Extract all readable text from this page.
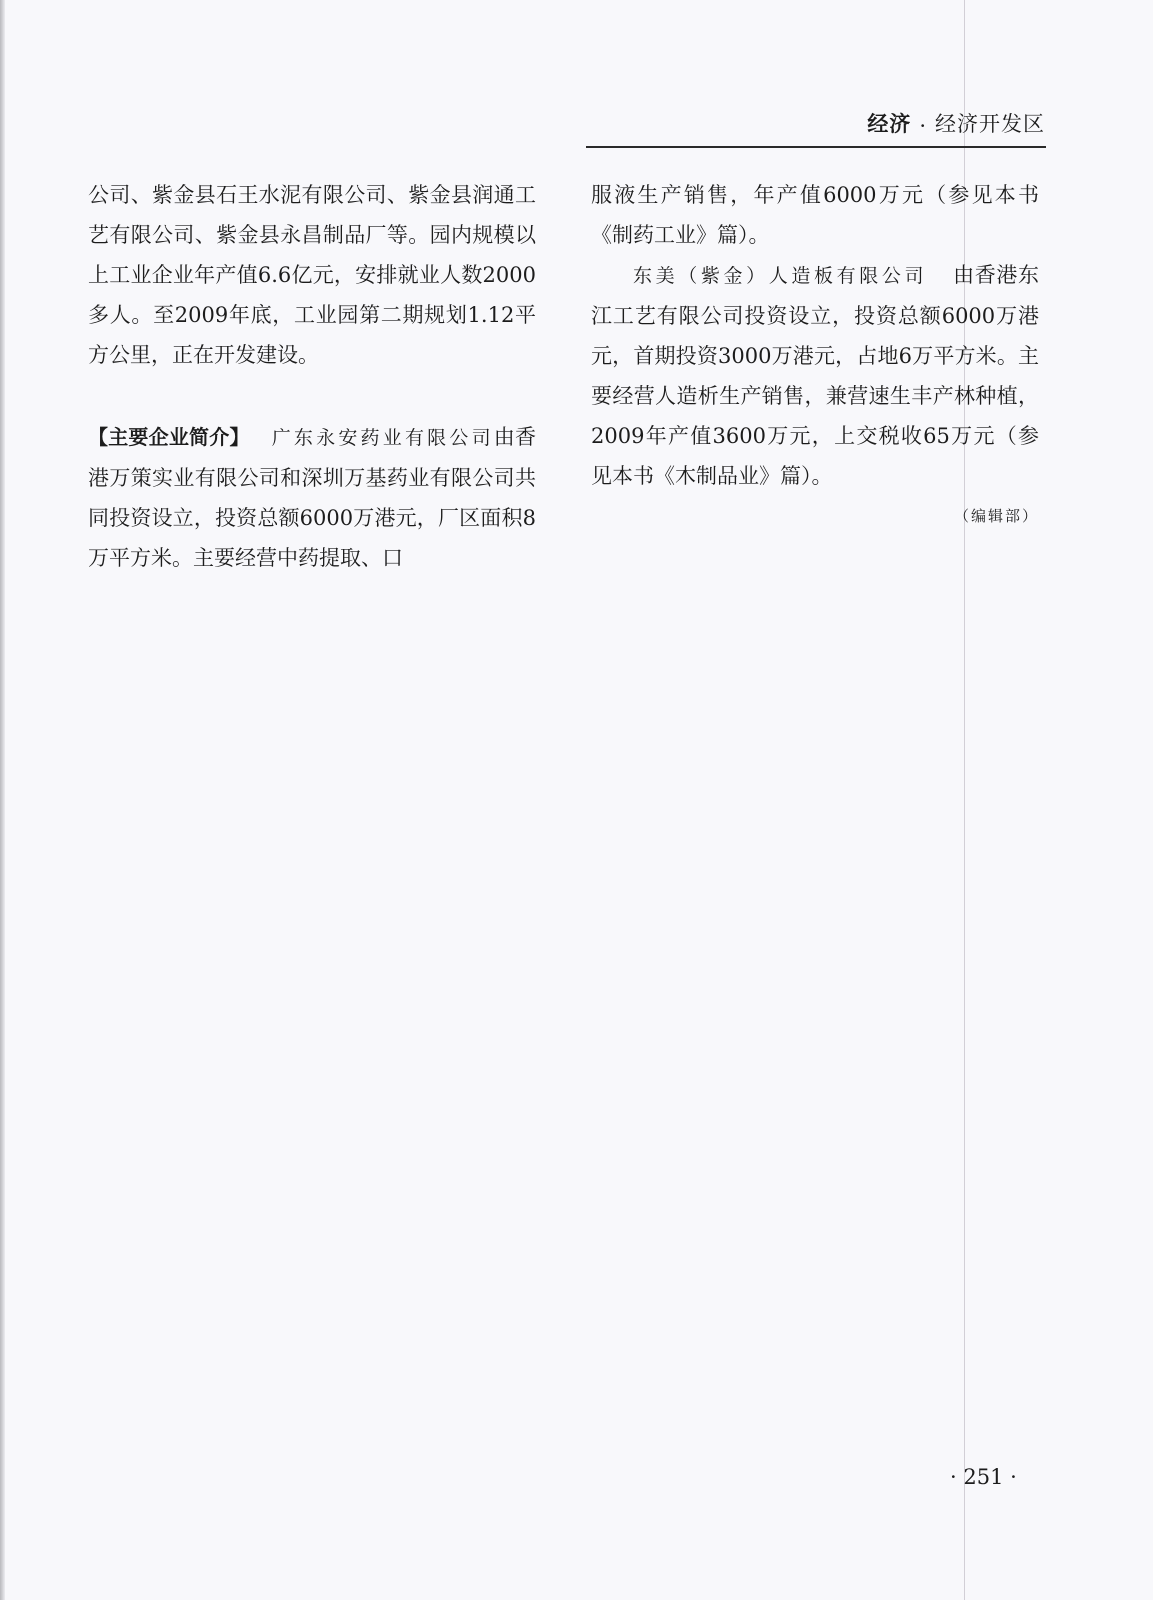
经济 · 经济开发区

公司、紫金县石王水泥有限公司、紫金县润通工艺有限公司、紫金县永昌制品厂等。园内规模以上工业企业年产值6.6亿元，安排就业人数2000多人。至2009年底，工业园第二期规划1.12平方公里，正在开发建设。

【主要企业简介】 广东永安药业有限公司由香港万策实业有限公司和深圳万基药业有限公司共同投资设立，投资总额6000万港元，厂区面积8万平方米。主要经营中药提取、口

服液生产销售，年产值6000万元（参见本书《制药工业》篇）。

东美（紫金）人造板有限公司 由香港东江工艺有限公司投资设立，投资总额6000万港元，首期投资3000万港元，占地6万平方米。主要经营人造析生产销售，兼营速生丰产林种植，2009年产值3600万元，上交税收65万元（参见本书《木制品业》篇）。

（编辑部）

· 251 ·
